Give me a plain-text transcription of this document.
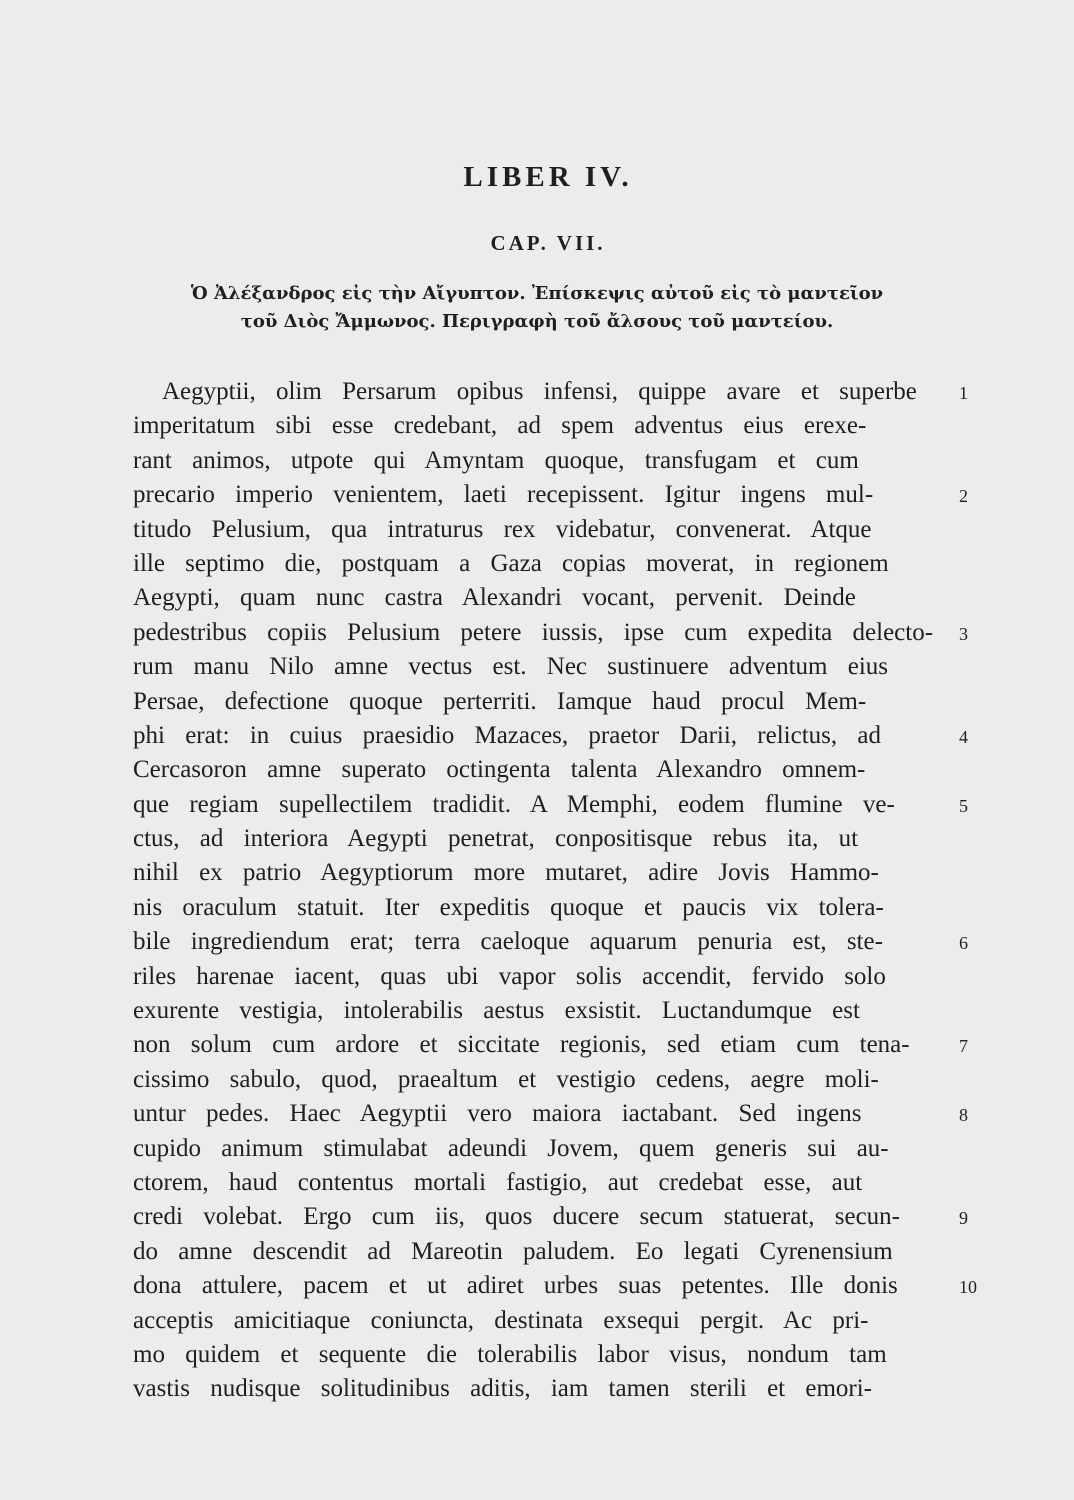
LIBER IV.
CAP. VII.
Ὁ Ἀλέξανδρος εἰς τὴν Αἴγυπτον. Ἐπίσκεψις αὐτοῦ εἰς τὸ μαντεῖον
τοῦ Διὸς Ἄμμωνος. Περιγραφὴ τοῦ ἄλσους τοῦ μαντείου.
Aegyptii, olim Persarum opibus infensi, quippe avare et superbe 1
imperitatum sibi esse credebant, ad spem adventus eius erexe-
rant animos, utpote qui Amyntam quoque, transfugam et cum
precario imperio venientem, laeti recepissent. Igitur ingens mul-	2
titudo Pelusium, qua intraturus rex videbatur, convenerat. Atque
ille septimo die, postquam a Gaza copias moverat, in regionem
Aegypti, quam nunc castra Alexandri vocant, pervenit. Deinde
pedestribus copiis Pelusium petere iussis, ipse cum expedita delecto- 3
rum manu Nilo amne vectus est. Nec sustinuere adventum eius
Persae, defectione quoque perterriti. Iamque haud procul Mem-
phi erat: in cuius praesidio Mazaces, praetor Darii, relictus, ad	4
Cercasoron amne superato octingenta talenta Alexandro omnem-
que regiam supellectilem tradidit. A Memphi, eodem flumine ve-	5
ctus, ad interiora Aegypti penetrat, conpositisque rebus ita, ut
nihil ex patrio Aegyptiorum more mutaret, adire Jovis Hammo-
nis oraculum statuit. Iter expeditis quoque et paucis vix tolera-
bile ingrediendum erat; terra caeloque aquarum penuria est, ste-	6
riles harenae iacent, quas ubi vapor solis accendit, fervido solo
exurente vestigia, intolerabilis aestus exsistit. Luctandumque est
non solum cum ardore et siccitate regionis, sed etiam cum tena-	7
cissimo sabulo, quod, praealtum et vestigio cedens, aegre moli-
untur pedes. Haec Aegyptii vero maiora iactabant. Sed ingens	8
cupido animum stimulabat adeundi Jovem, quem generis sui au-
ctorem, haud contentus mortali fastigio, aut credebat esse, aut
credi volebat. Ergo cum iis, quos ducere secum statuerat, secun-	9
do amne descendit ad Mareotin paludem. Eo legati Cyrenensium
dona attulere, pacem et ut adiret urbes suas petentes. Ille donis	10
acceptis amicitiaque coniuncta, destinata exsequi pergit. Ac pri-
mo quidem et sequente die tolerabilis labor visus, nondum tam
vastis nudisque solitudinibus aditis, iam tamen sterili et emori-
